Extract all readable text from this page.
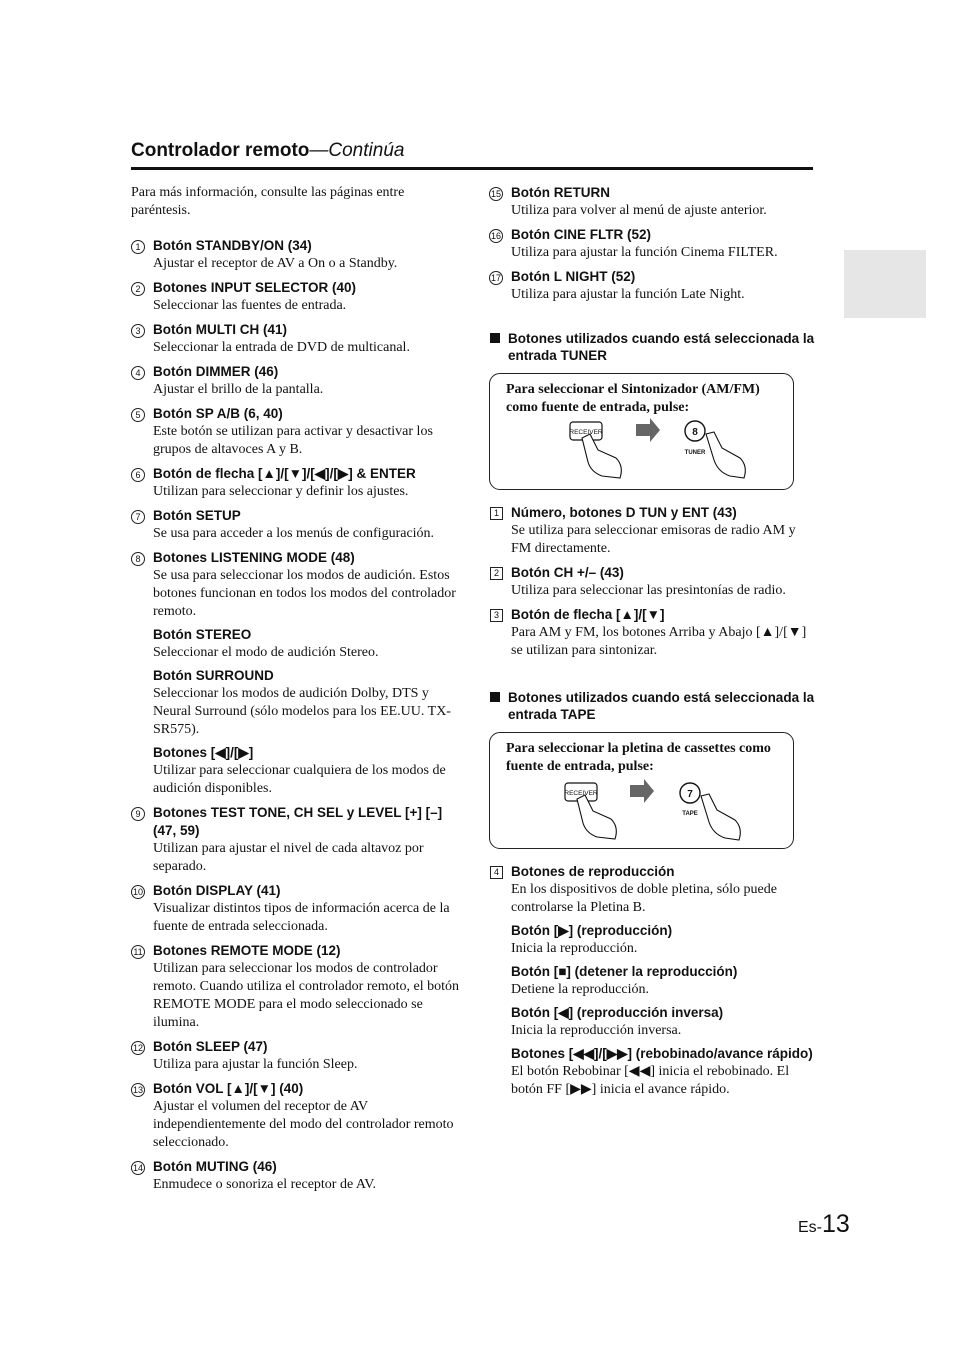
Controlador remoto—Continúa
Para más información, consulte las páginas entre paréntesis.
1 Botón STANDBY/ON (34)
Ajustar el receptor de AV a On o a Standby.
2 Botones INPUT SELECTOR (40)
Seleccionar las fuentes de entrada.
3 Botón MULTI CH (41)
Seleccionar la entrada de DVD de multicanal.
4 Botón DIMMER (46)
Ajustar el brillo de la pantalla.
5 Botón SP A/B (6, 40)
Este botón se utilizan para activar y desactivar los grupos de altavoces A y B.
6 Botón de flecha [▲]/[▼]/[◀]/[▶] & ENTER
Utilizan para seleccionar y definir los ajustes.
7 Botón SETUP
Se usa para acceder a los menús de configuración.
8 Botones LISTENING MODE (48)
Se usa para seleccionar los modos de audición. Estos botones funcionan en todos los modos del controlador remoto.
Botón STEREO
Seleccionar el modo de audición Stereo.
Botón SURROUND
Seleccionar los modos de audición Dolby, DTS y Neural Surround (sólo modelos para los EE.UU. TX-SR575).
Botones [◀]/[▶]
Utilizar para seleccionar cualquiera de los modos de audición disponibles.
9 Botones TEST TONE, CH SEL y LEVEL [+] [–] (47, 59)
Utilizan para ajustar el nivel de cada altavoz por separado.
10 Botón DISPLAY (41)
Visualizar distintos tipos de información acerca de la fuente de entrada seleccionada.
11 Botones REMOTE MODE (12)
Utilizan para seleccionar los modos de controlador remoto. Cuando utiliza el controlador remoto, el botón REMOTE MODE para el modo seleccionado se ilumina.
12 Botón SLEEP (47)
Utiliza para ajustar la función Sleep.
13 Botón VOL [▲]/[▼] (40)
Ajustar el volumen del receptor de AV independientemente del modo del controlador remoto seleccionado.
14 Botón MUTING (46)
Enmudece o sonoriza el receptor de AV.
15 Botón RETURN
Utiliza para volver al menú de ajuste anterior.
16 Botón CINE FLTR (52)
Utiliza para ajustar la función Cinema FILTER.
17 Botón L NIGHT (52)
Utiliza para ajustar la función Late Night.
Botones utilizados cuando está seleccionada la entrada TUNER
Para seleccionar el Sintonizador (AM/FM) como fuente de entrada, pulse:
RECEIVER	8
TUNER
1 Número, botones D TUN y ENT (43)
Se utiliza para seleccionar emisoras de radio AM y FM directamente.
2 Botón CH +/– (43)
Utiliza para seleccionar las presintonías de radio.
3 Botón de flecha [▲]/[▼]
Para AM y FM, los botones Arriba y Abajo [▲]/[▼] se utilizan para sintonizar.
Botones utilizados cuando está seleccionada la entrada TAPE
Para seleccionar la pletina de cassettes como fuente de entrada, pulse:
RECEIVER	7
TAPE
4 Botones de reproducción
En los dispositivos de doble pletina, sólo puede controlarse la Pletina B.
Botón [▶] (reproducción)
Inicia la reproducción.
Botón [■] (detener la reproducción)
Detiene la reproducción.
Botón [◀] (reproducción inversa)
Inicia la reproducción inversa.
Botones [◀◀]/[▶▶] (rebobinado/avance rápido)
El botón Rebobinar [◀◀] inicia el rebobinado. El botón FF [▶▶] inicia el avance rápido.
Es-13
